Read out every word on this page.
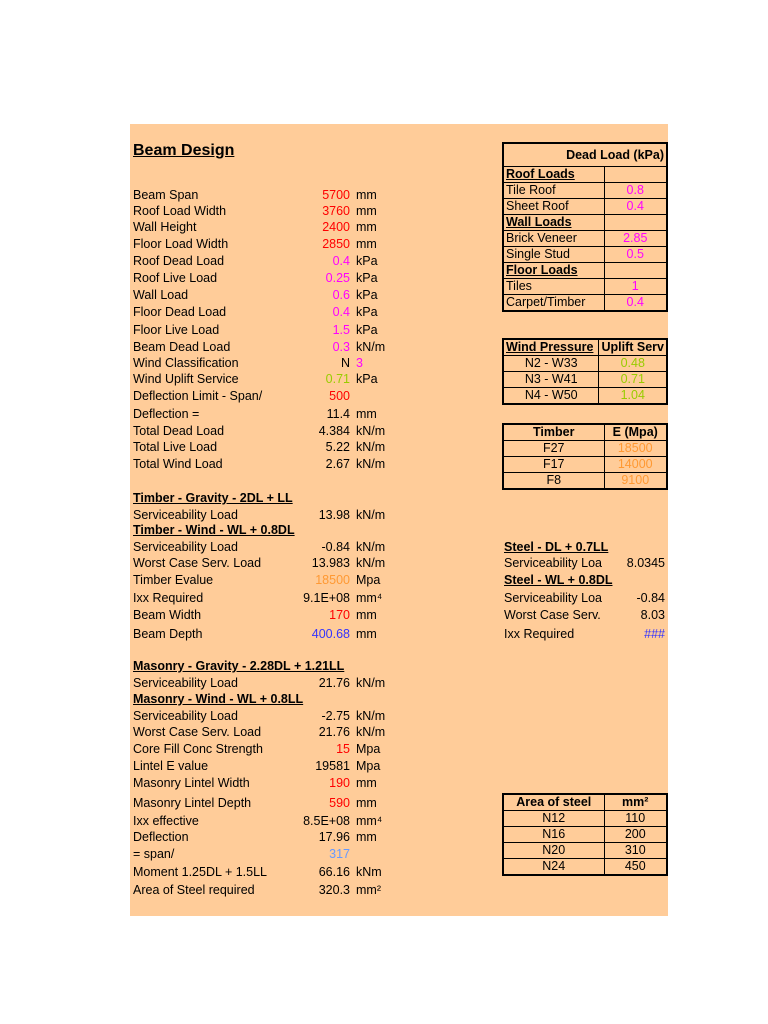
Beam Design
Beam Span	5700 mm
Roof Load Width	3760 mm
Wall Height	2400 mm
Floor Load Width	2850 mm
Roof Dead Load	0.4 kPa
Roof Live Load	0.25 kPa
Wall Load	0.6 kPa
Floor Dead Load	0.4 kPa
Floor Live Load	1.5 kPa
Beam Dead Load	0.3 kN/m
Wind Classification	N 3
Wind Uplift Service	0.71 kPa
Deflection Limit - Span/	500
Deflection =	11.4 mm
Total Dead Load	4.384 kN/m
Total Live Load	5.22 kN/m
Total Wind Load	2.67 kN/m
Timber - Gravity - 2DL + LL
Serviceability Load	13.98 kN/m
Timber - Wind - WL + 0.8DL
Serviceability Load	-0.84 kN/m
Worst Case Serv. Load	13.983 kN/m
Timber Evalue	18500 Mpa
Ixx Required	9.1E+08 mm⁴
Beam Width	170 mm
Beam Depth	400.68 mm
Masonry - Gravity - 2.28DL + 1.21LL
Serviceability Load	21.76 kN/m
Masonry - Wind - WL + 0.8LL
Serviceability Load	-2.75 kN/m
Worst Case Serv. Load	21.76 kN/m
Core Fill Conc Strength	15 Mpa
Lintel E value	19581 Mpa
Masonry Lintel Width	190 mm
Masonry Lintel Depth	590 mm
Ixx effective	8.5E+08 mm⁴
Deflection	17.96 mm
= span/	317
Moment 1.25DL + 1.5LL	66.16 kNm
Area of Steel required	320.3 mm²
Dead Load (kPa)	
Roof Loads	
Tile Roof	0.8
Sheet Roof	0.4
Wall Loads	
Brick Veneer	2.85
Single Stud	0.5
Floor Loads	
Tiles	1
Carpet/Timber	0.4
Wind Pressure	Uplift Serv
N2 - W33	0.48
N3 - W41	0.71
N4 - W50	1.04
Timber	E (Mpa)
F27	18500
F17	14000
F8	9100
Steel - DL + 0.7LL
Serviceability Loa	8.0345
Steel - WL + 0.8DL
Serviceability Loa	-0.84
Worst Case Serv.	8.03
Ixx Required	###
Area of steel	mm²
N12	110
N16	200
N20	310
N24	450
